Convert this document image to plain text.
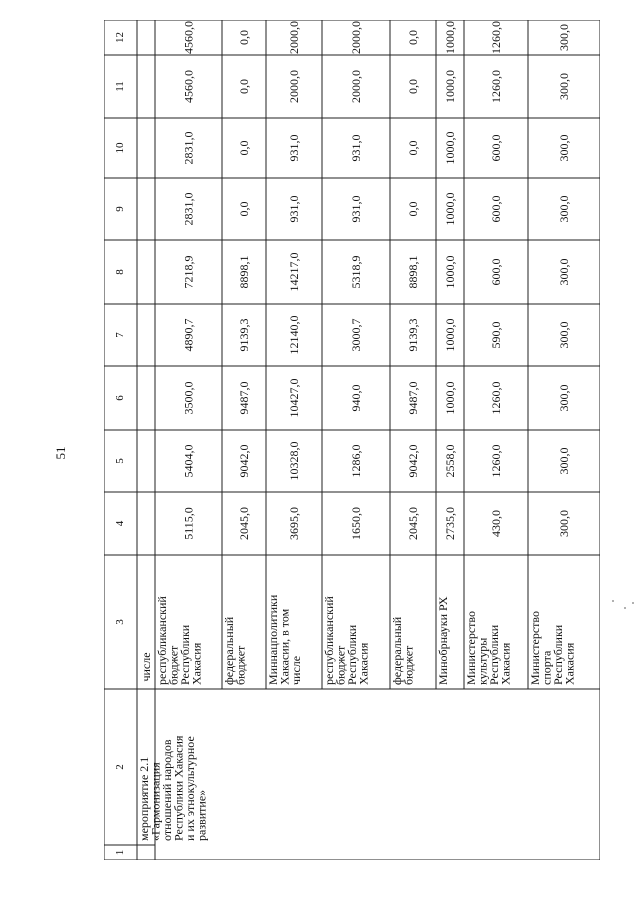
51
1
2
3
4
5
6
7
8
9
10
11
12
мероприятие 2.1
«Гармонизация
отношений народов
Республики Хакасия
и их этнокультурное
развитие»
числе республиканский
бюджет
Республики
Хакасия
5115,0
5404,0
3500,0
4890,7
7218,9
2831,0
2831,0
4560,0
4560,0
федеральный
бюджет
2045,0
9042,0
9487,0
9139,3
8898,1
0,0
0,0
0,0
0,0
Миннацполитики
Хакасии, в том
числе
3695,0
10328,0
10427,0
12140,0
14217,0
931,0
931,0
2000,0
2000,0
республиканский
бюджет
Республики
Хакасия
1650,0
1286,0
940,0
3000,7
5318,9
931,0
931,0
2000,0
2000,0
федеральный
бюджет
2045,0
9042,0
9487,0
9139,3
8898,1
0,0
0,0
0,0
0,0
Минобрнауки РХ
2735,0
2558,0
1000,0
1000,0
1000,0
1000,0
1000,0
1000,0
1000,0
Министерство
культуры
Республики
Хакасия
430,0
1260,0
1260,0
590,0
600,0
600,0
600,0
1260,0
1260,0
Министерство
спорта
Республики
Хакасия
300,0
300,0
300,0
300,0
300,0
300,0
300,0
300,0
300,0
